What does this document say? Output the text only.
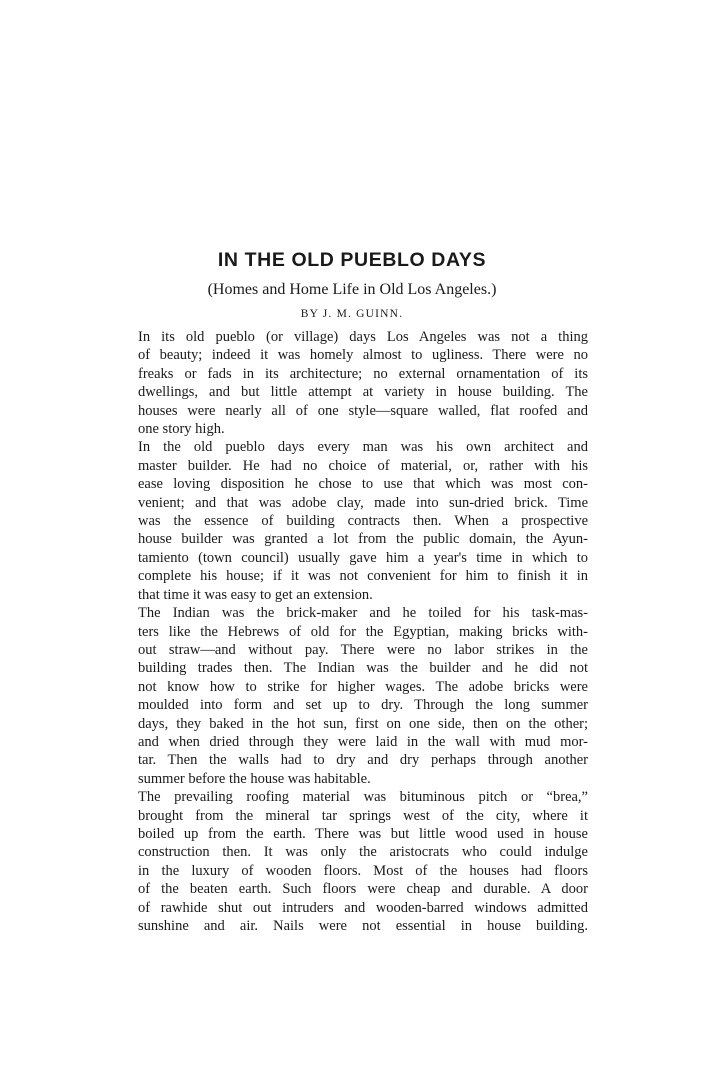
IN THE OLD PUEBLO DAYS
(Homes and Home Life in Old Los Angeles.)
BY J. M. GUINN.

In its old pueblo (or village) days Los Angeles was not a thing
of beauty; indeed it was homely almost to ugliness. There were no
freaks or fads in its architecture; no external ornamentation of its
dwellings, and but little attempt at variety in house building. The
houses were nearly all of one style—square walled, flat roofed and
one story high.

In the old pueblo days every man was his own architect and
master builder. He had no choice of material, or, rather with his
ease loving disposition he chose to use that which was most con-
venient; and that was adobe clay, made into sun-dried brick. Time
was the essence of building contracts then. When a prospective
house builder was granted a lot from the public domain, the Ayun-
tamiento (town council) usually gave him a year's time in which to
complete his house; if it was not convenient for him to finish it in
that time it was easy to get an extension.

The Indian was the brick-maker and he toiled for his task-mas-
ters like the Hebrews of old for the Egyptian, making bricks with-
out straw—and without pay. There were no labor strikes in the
building trades then. The Indian was the builder and he did not
not know how to strike for higher wages. The adobe bricks were
moulded into form and set up to dry. Through the long summer
days, they baked in the hot sun, first on one side, then on the other;
and when dried through they were laid in the wall with mud mor-
tar. Then the walls had to dry and dry perhaps through another
summer before the house was habitable.

The prevailing roofing material was bituminous pitch or “brea,”
brought from the mineral tar springs west of the city, where it
boiled up from the earth. There was but little wood used in house
construction then. It was only the aristocrats who could indulge
in the luxury of wooden floors. Most of the houses had floors
of the beaten earth. Such floors were cheap and durable. A door
of rawhide shut out intruders and wooden-barred windows admitted
sunshine and air. Nails were not essential in house building.
